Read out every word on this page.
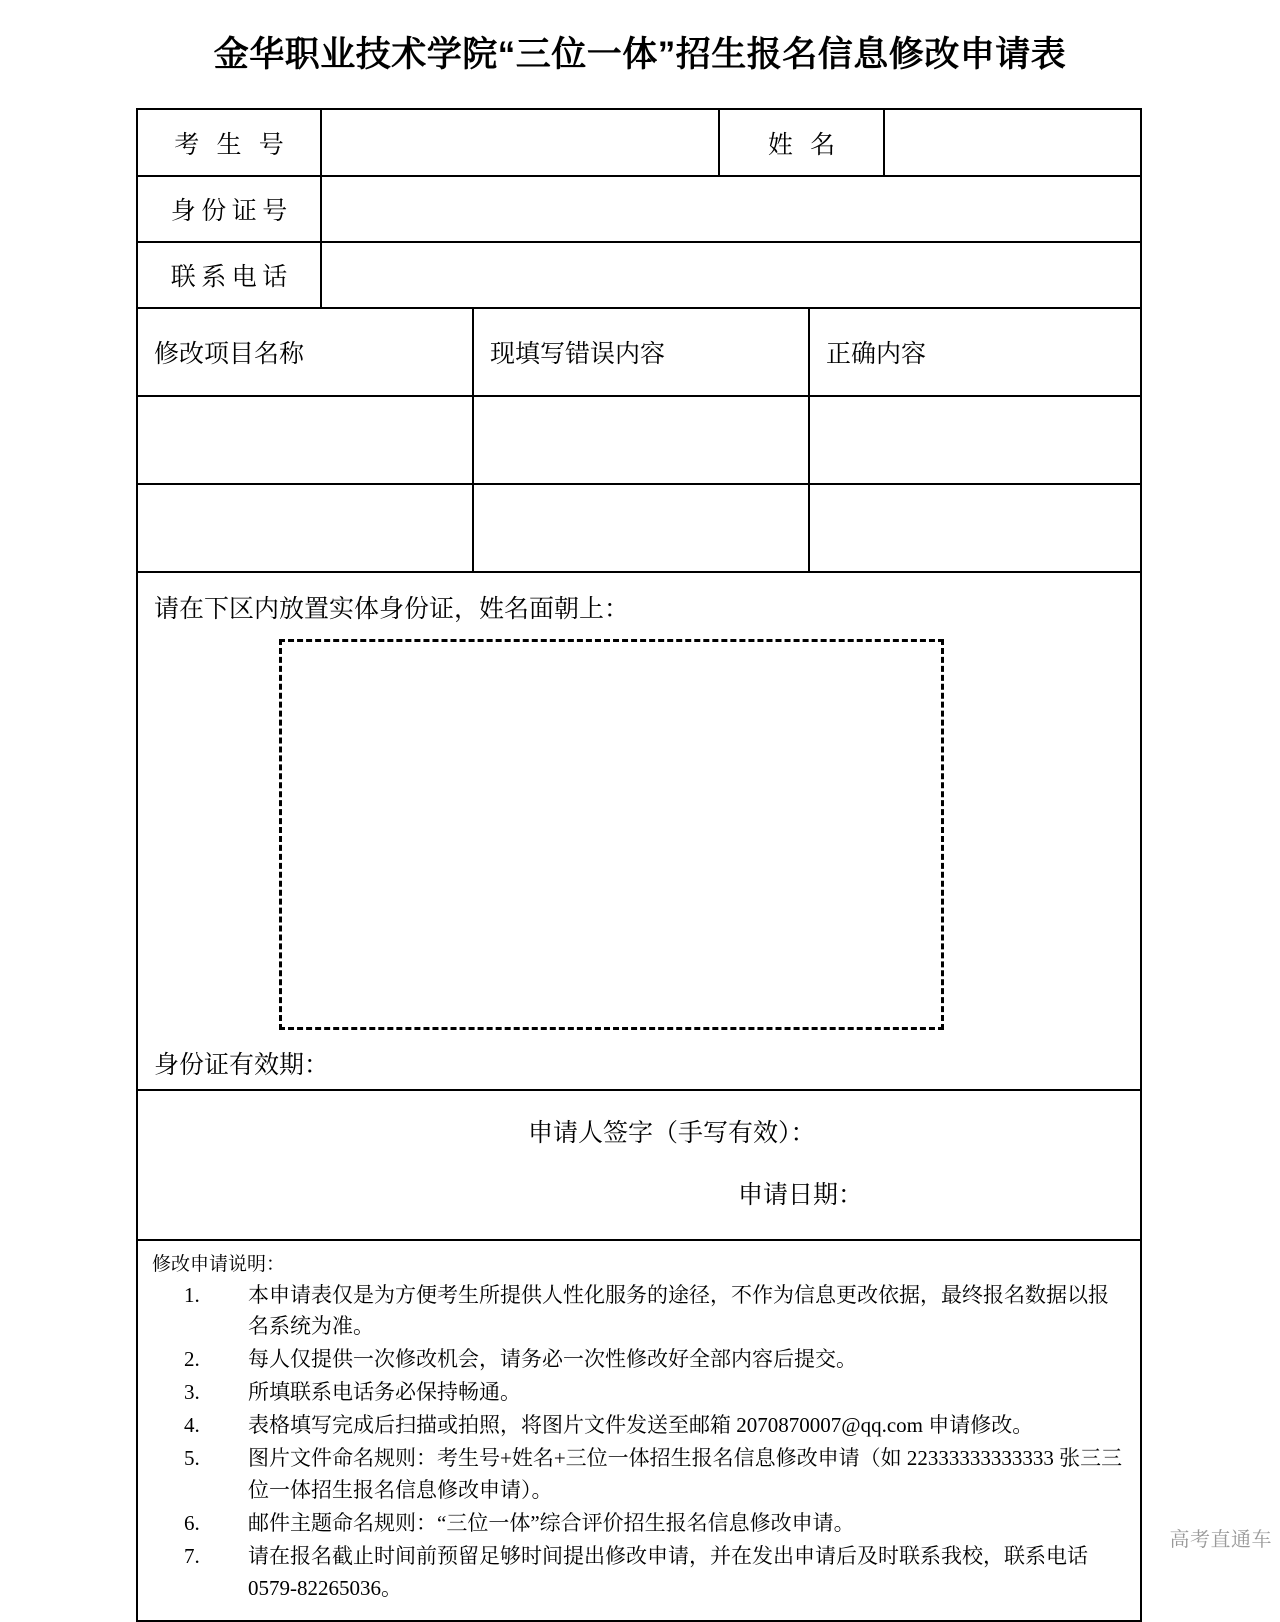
金华职业技术学院“三位一体”招生报名信息修改申请表
考 生 号	姓 名
身份证号
联系电话
修改项目名称	现填写错误内容	正确内容
请在下区内放置实体身份证，姓名面朝上：
身份证有效期：
申请人签字（手写有效）：
申请日期：
修改申请说明：
1.	本申请表仅是为方便考生所提供人性化服务的途径，不作为信息更改依据，最终报名数据以报名系统为准。
2.	每人仅提供一次修改机会，请务必一次性修改好全部内容后提交。
3.	所填联系电话务必保持畅通。
4.	表格填写完成后扫描或拍照，将图片文件发送至邮箱 2070870007@qq.com 申请修改。
5.	图片文件命名规则：考生号+姓名+三位一体招生报名信息修改申请（如 22333333333333 张三三位一体招生报名信息修改申请）。
6.	邮件主题命名规则：“三位一体”综合评价招生报名信息修改申请。
7.	请在报名截止时间前预留足够时间提出修改申请，并在发出申请后及时联系我校，联系电话 0579-82265036。
高考直通车
